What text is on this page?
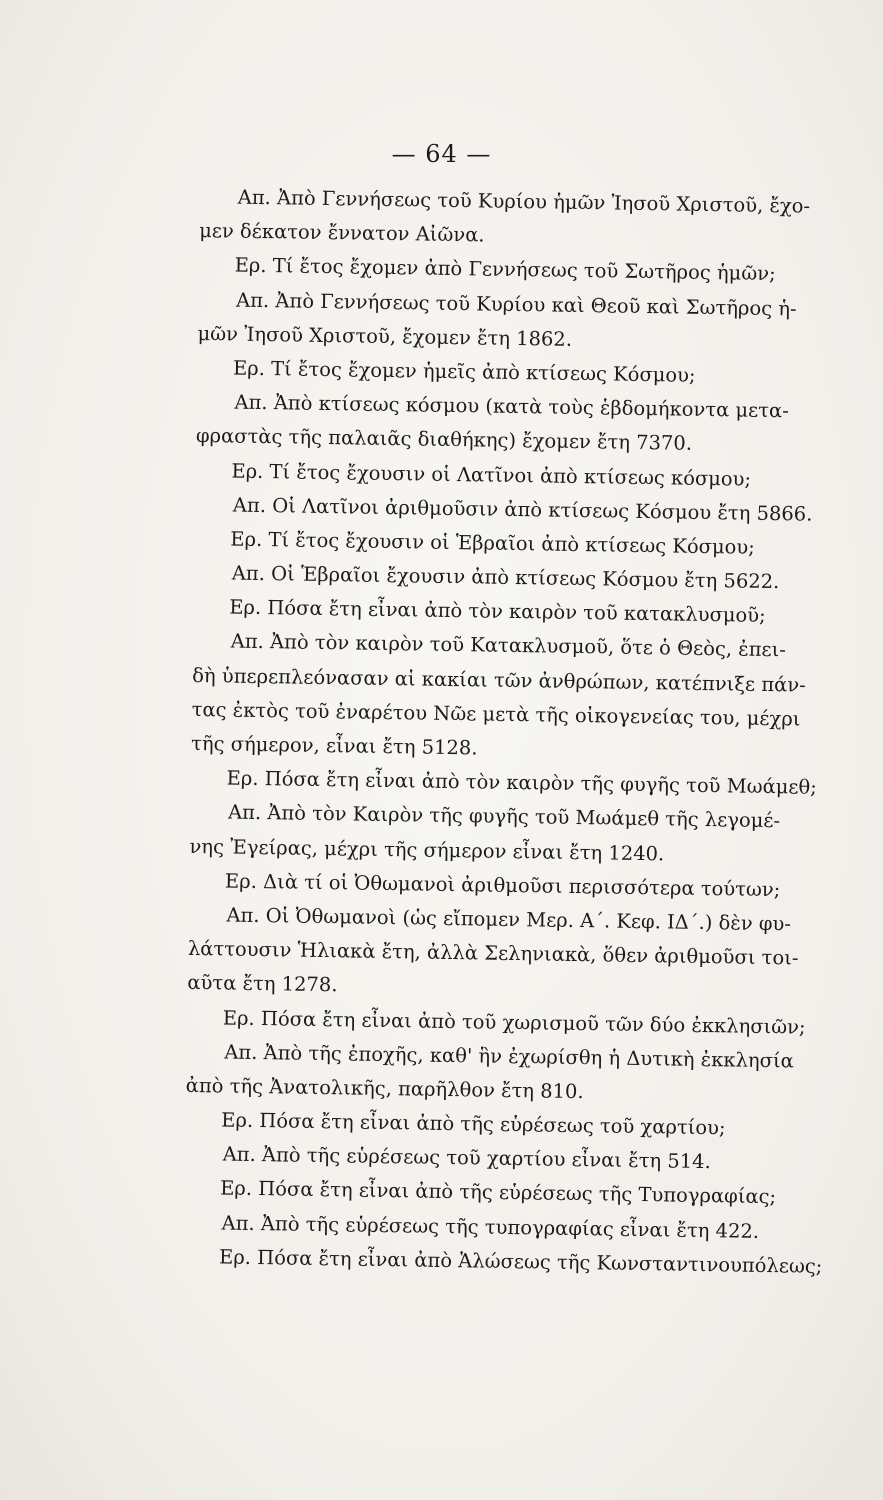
— 64 —
Απ. Ἀπὸ Γεννήσεως τοῦ Κυρίου ἡμῶν Ἰησοῦ Χριστοῦ, ἔχο-
μεν δέκατον ἔννατον Αἰῶνα.
Ερ. Τί ἔτος ἔχομεν ἀπὸ Γεννήσεως τοῦ Σωτῆρος ἡμῶν;
Απ. Ἀπὸ Γεννήσεως τοῦ Κυρίου καὶ Θεοῦ καὶ Σωτῆρος ἡ-
μῶν Ἰησοῦ Χριστοῦ, ἔχομεν ἔτη 1862.
Ερ. Τί ἔτος ἔχομεν ἡμεῖς ἀπὸ κτίσεως Κόσμου;
Απ. Ἀπὸ κτίσεως κόσμου (κατὰ τοὺς ἑβδομήκοντα μετα-
φραστὰς τῆς παλαιᾶς διαθήκης) ἔχομεν ἔτη 7370.
Ερ. Τί ἔτος ἔχουσιν οἱ Λατῖνοι ἀπὸ κτίσεως κόσμου;
Απ. Οἱ Λατῖνοι ἀριθμοῦσιν ἀπὸ κτίσεως Κόσμου ἔτη 5866.
Ερ. Τί ἔτος ἔχουσιν οἱ Ἑβραῖοι ἀπὸ κτίσεως Κόσμου;
Απ. Οἱ Ἑβραῖοι ἔχουσιν ἀπὸ κτίσεως Κόσμου ἔτη 5622.
Ερ. Πόσα ἔτη εἶναι ἀπὸ τὸν καιρὸν τοῦ κατακλυσμοῦ;
Απ. Ἀπὸ τὸν καιρὸν τοῦ Κατακλυσμοῦ, ὅτε ὁ Θεὸς, ἐπει-
δὴ ὑπερεπλεόνασαν αἱ κακίαι τῶν ἀνθρώπων, κατέπνιξε πάν-
τας ἐκτὸς τοῦ ἐναρέτου Νῶε μετὰ τῆς οἰκογενείας του, μέχρι
τῆς σήμερον, εἶναι ἔτη 5128.
Ερ. Πόσα ἔτη εἶναι ἀπὸ τὸν καιρὸν τῆς φυγῆς τοῦ Μωάμεθ;
Απ. Ἀπὸ τὸν Καιρὸν τῆς φυγῆς τοῦ Μωάμεθ τῆς λεγομέ-
νης Ἐγείρας, μέχρι τῆς σήμερον εἶναι ἔτη 1240.
Ερ. Διὰ τί οἱ Ὀθωμανοὶ ἀριθμοῦσι περισσότερα τούτων;
Απ. Οἱ Ὀθωμανοὶ (ὡς εἴπομεν Μερ. Α΄. Κεφ. ΙΔ΄.) δὲν φυ-
λάττουσιν Ἡλιακὰ ἔτη, ἀλλὰ Σεληνιακὰ, ὅθεν ἀριθμοῦσι τοι-
αῦτα ἔτη 1278.
Ερ. Πόσα ἔτη εἶναι ἀπὸ τοῦ χωρισμοῦ τῶν δύο ἐκκλησιῶν;
Απ. Ἀπὸ τῆς ἐποχῆς, καθ' ἣν ἐχωρίσθη ἡ Δυτικὴ ἐκκλησία
ἀπὸ τῆς Ἀνατολικῆς, παρῆλθον ἔτη 810.
Ερ. Πόσα ἔτη εἶναι ἀπὸ τῆς εὑρέσεως τοῦ χαρτίου;
Απ. Ἀπὸ τῆς εὑρέσεως τοῦ χαρτίου εἶναι ἔτη 514.
Ερ. Πόσα ἔτη εἶναι ἀπὸ τῆς εὑρέσεως τῆς Τυπογραφίας;
Απ. Ἀπὸ τῆς εὑρέσεως τῆς τυπογραφίας εἶναι ἔτη 422.
Ερ. Πόσα ἔτη εἶναι ἀπὸ Ἁλώσεως τῆς Κωνσταντινουπόλεως;
